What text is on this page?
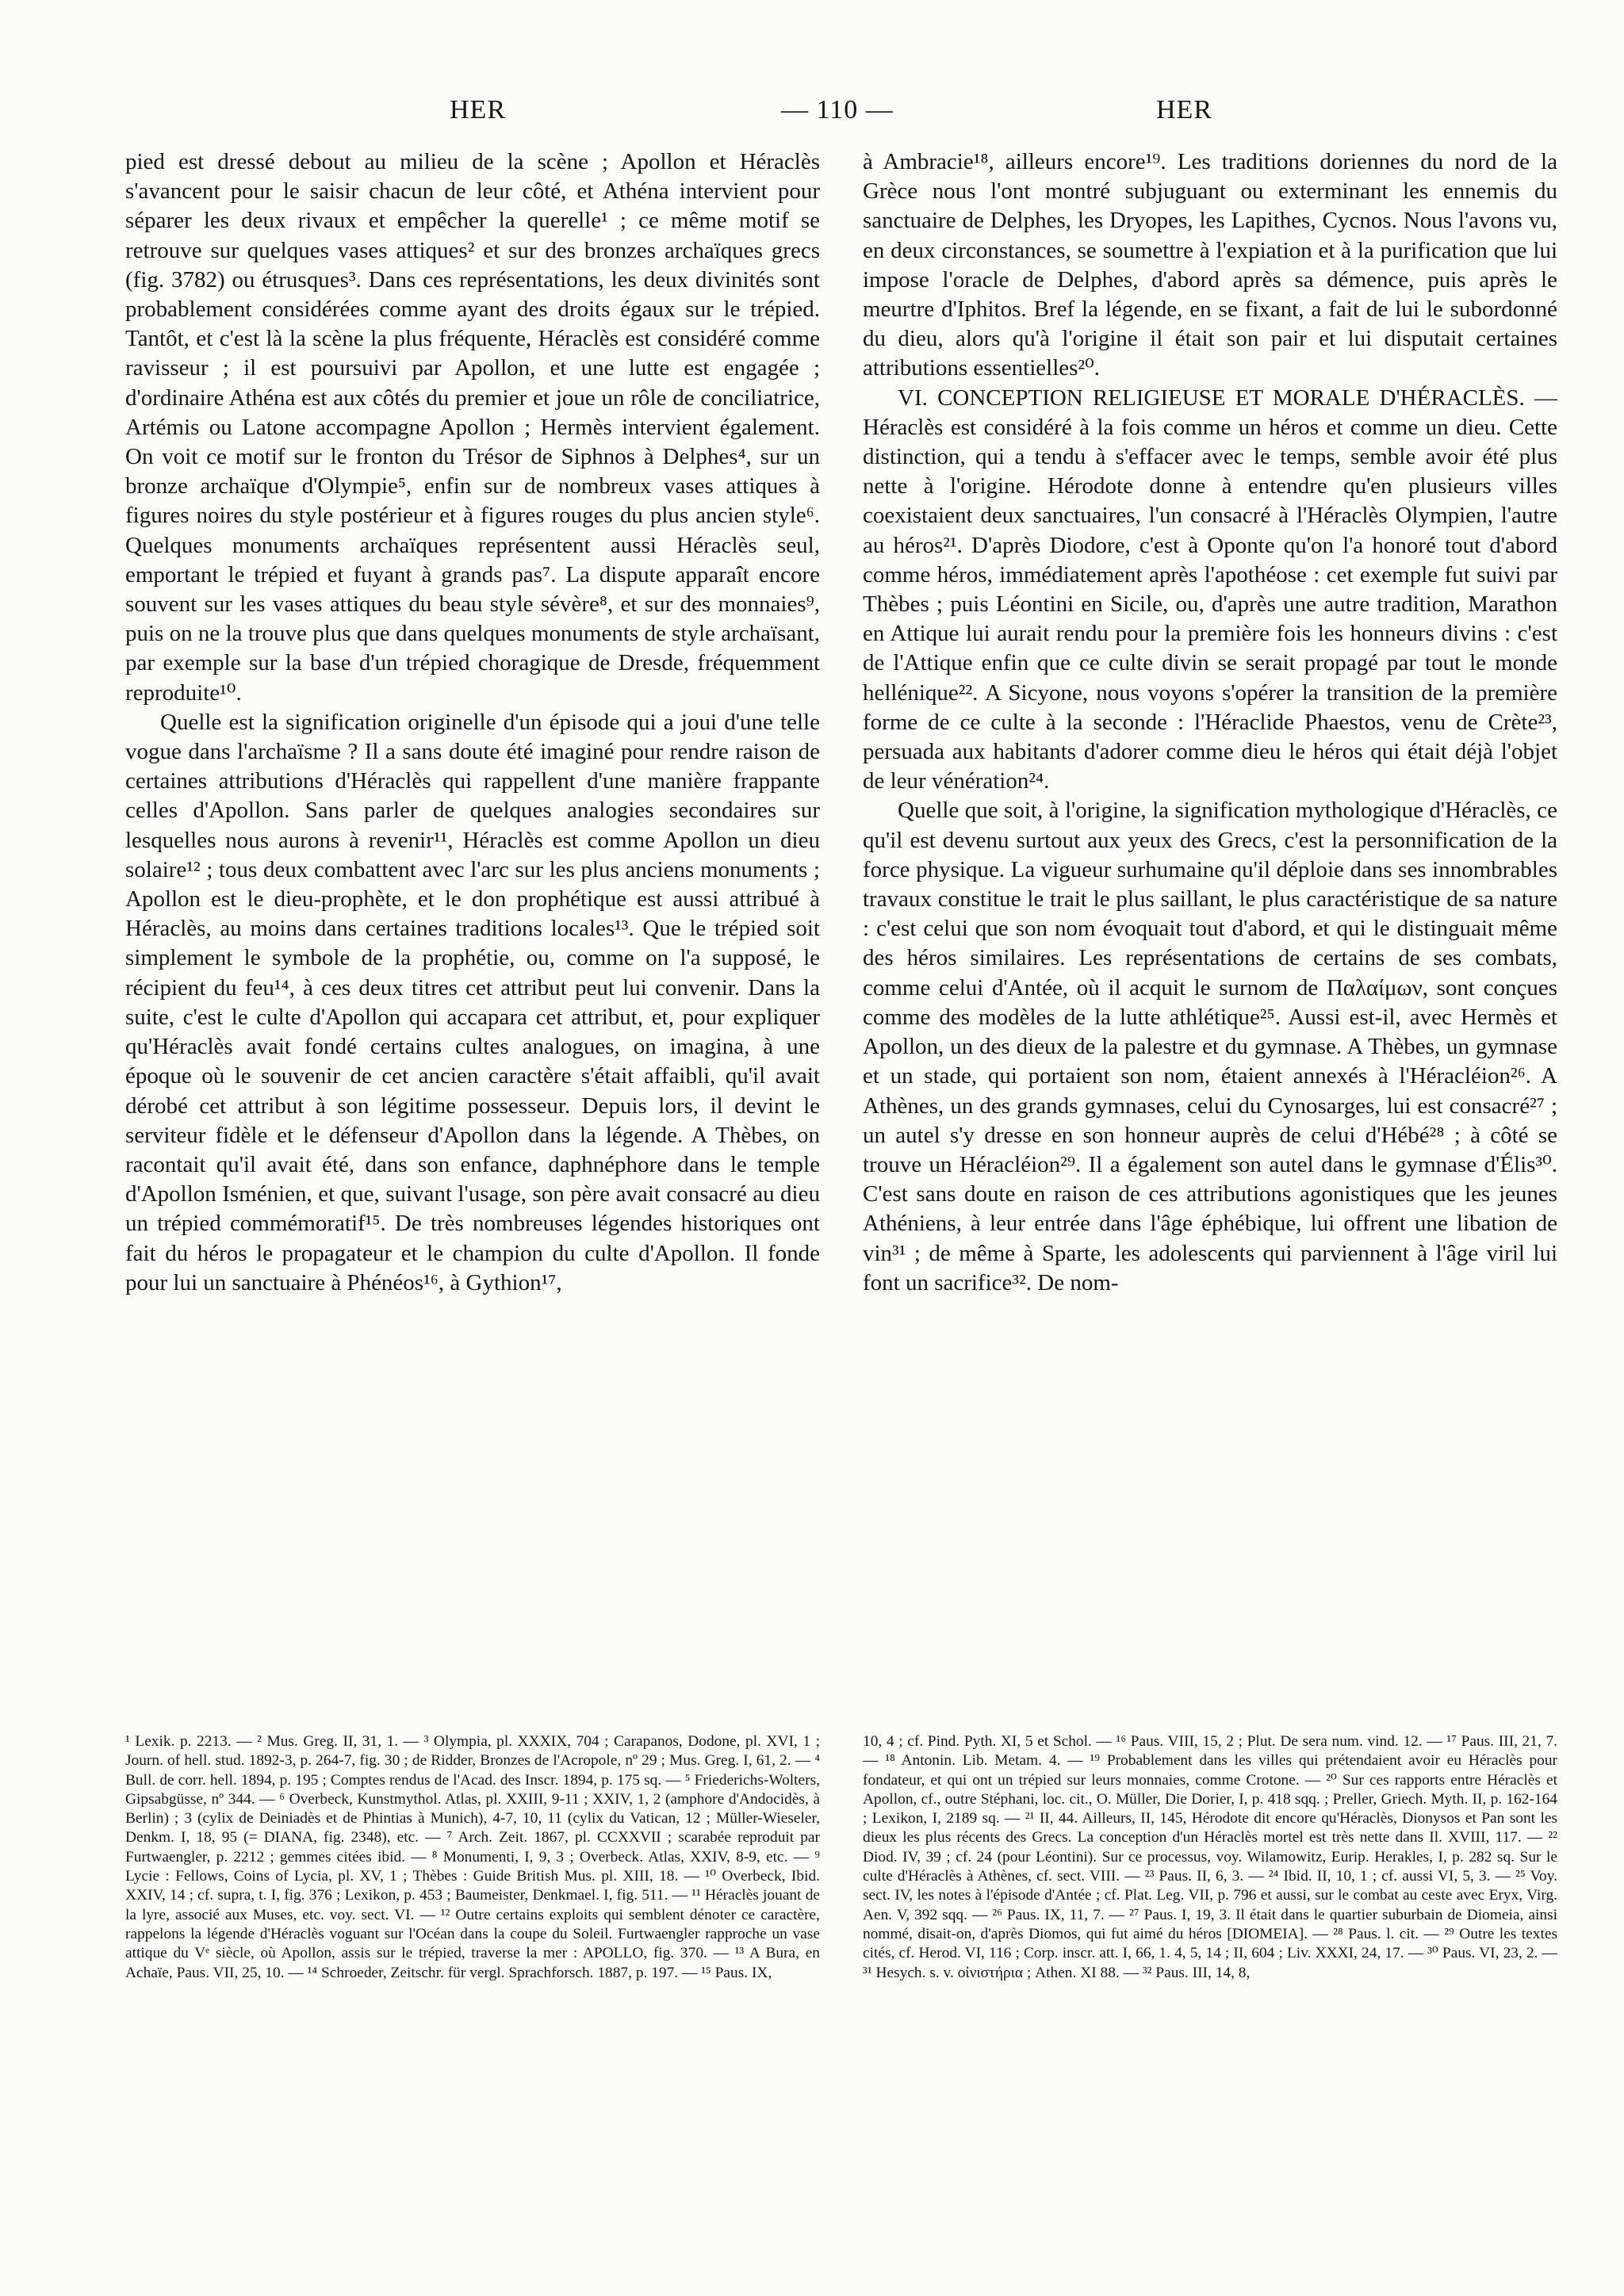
HER	— 110 —	HER

pied est dressé debout au milieu de la scène ; Apollon et Héraclès s'avancent pour le saisir chacun de leur côté, et Athéna intervient pour séparer les deux rivaux et empêcher la querelle¹ ; ce même motif se retrouve sur quelques vases attiques² et sur des bronzes archaïques grecs (fig. 3782) ou étrusques³. Dans ces représentations, les deux divinités sont probablement considérées comme ayant des droits égaux sur le trépied. Tantôt, et c'est là la scène la plus fréquente, Héraclès est considéré comme ravisseur ; il est poursuivi par Apollon, et une lutte est engagée ; d'ordinaire Athéna est aux côtés du premier et joue un rôle de conciliatrice, Artémis ou Latone accompagne Apollon ; Hermès intervient également. On voit ce motif sur le fronton du Trésor de Siphnos à Delphes⁴, sur un bronze archaïque d'Olympie⁵, enfin sur de nombreux vases attiques à figures noires du style postérieur et à figures rouges du plus ancien style⁶. Quelques monuments archaïques représentent aussi Héraclès seul, emportant le trépied et fuyant à grands pas⁷. La dispute apparaît encore souvent sur les vases attiques du beau style sévère⁸, et sur des monnaies⁹, puis on ne la trouve plus que dans quelques monuments de style archaïsant, par exemple sur la base d'un trépied choragique de Dresde, fréquemment reproduite¹⁰.

Quelle est la signification originelle d'un épisode qui a joui d'une telle vogue dans l'archaïsme ? Il a sans doute été imaginé pour rendre raison de certaines attributions d'Héraclès qui rappellent d'une manière frappante celles d'Apollon. Sans parler de quelques analogies secondaires sur lesquelles nous aurons à revenir¹¹, Héraclès est comme Apollon un dieu solaire¹² ; tous deux combattent avec l'arc sur les plus anciens monuments ; Apollon est le dieu-prophète, et le don prophétique est aussi attribué à Héraclès, au moins dans certaines traditions locales¹³. Que le trépied soit simplement le symbole de la prophétie, ou, comme on l'a supposé, le récipient du feu¹⁴, à ces deux titres cet attribut peut lui convenir. Dans la suite, c'est le culte d'Apollon qui accapara cet attribut, et, pour expliquer qu'Héraclès avait fondé certains cultes analogues, on imagina, à une époque où le souvenir de cet ancien caractère s'était affaibli, qu'il avait dérobé cet attribut à son légitime possesseur. Depuis lors, il devint le serviteur fidèle et le défenseur d'Apollon dans la légende. A Thèbes, on racontait qu'il avait été, dans son enfance, daphnéphore dans le temple d'Apollon Isménien, et que, suivant l'usage, son père avait consacré au dieu un trépied commémoratif¹⁵. De très nombreuses légendes historiques ont fait du héros le propagateur et le champion du culte d'Apollon. Il fonde pour lui un sanctuaire à Phénéos¹⁶, à Gythion¹⁷,

à Ambracie¹⁸, ailleurs encore¹⁹. Les traditions doriennes du nord de la Grèce nous l'ont montré subjuguant ou exterminant les ennemis du sanctuaire de Delphes, les Dryopes, les Lapithes, Cycnos. Nous l'avons vu, en deux circonstances, se soumettre à l'expiation et à la purification que lui impose l'oracle de Delphes, d'abord après sa démence, puis après le meurtre d'Iphitos. Bref la légende, en se fixant, a fait de lui le subordonné du dieu, alors qu'à l'origine il était son pair et lui disputait certaines attributions essentielles²⁰.

VI. CONCEPTION RELIGIEUSE ET MORALE D'HÉRACLÈS. — Héraclès est considéré à la fois comme un héros et comme un dieu. Cette distinction, qui a tendu à s'effacer avec le temps, semble avoir été plus nette à l'origine. Hérodote donne à entendre qu'en plusieurs villes coexistaient deux sanctuaires, l'un consacré à l'Héraclès Olympien, l'autre au héros²¹. D'après Diodore, c'est à Oponte qu'on l'a honoré tout d'abord comme héros, immédiatement après l'apothéose : cet exemple fut suivi par Thèbes ; puis Léontini en Sicile, ou, d'après une autre tradition, Marathon en Attique lui aurait rendu pour la première fois les honneurs divins : c'est de l'Attique enfin que ce culte divin se serait propagé par tout le monde hellénique²². A Sicyone, nous voyons s'opérer la transition de la première forme de ce culte à la seconde : l'Héraclide Phaestos, venu de Crète²³, persuada aux habitants d'adorer comme dieu le héros qui était déjà l'objet de leur vénération²⁴.

Quelle que soit, à l'origine, la signification mythologique d'Héraclès, ce qu'il est devenu surtout aux yeux des Grecs, c'est la personnification de la force physique. La vigueur surhumaine qu'il déploie dans ses innombrables travaux constitue le trait le plus saillant, le plus caractéristique de sa nature : c'est celui que son nom évoquait tout d'abord, et qui le distinguait même des héros similaires. Les représentations de certains de ses combats, comme celui d'Antée, où il acquit le surnom de Παλαίμων, sont conçues comme des modèles de la lutte athlétique²⁵. Aussi est-il, avec Hermès et Apollon, un des dieux de la palestre et du gymnase. A Thèbes, un gymnase et un stade, qui portaient son nom, étaient annexés à l'Héracléion²⁶. A Athènes, un des grands gymnases, celui du Cynosarges, lui est consacré²⁷ ; un autel s'y dresse en son honneur auprès de celui d'Hébé²⁸ ; à côté se trouve un Héracléion²⁹. Il a également son autel dans le gymnase d'Élis³⁰. C'est sans doute en raison de ces attributions agonistiques que les jeunes Athéniens, à leur entrée dans l'âge éphébique, lui offrent une libation de vin³¹ ; de même à Sparte, les adolescents qui parviennent à l'âge viril lui font un sacrifice³². De nom-

¹ Lexik. p. 2213. — ² Mus. Greg. II, 31, 1. — ³ Olympia, pl. XXXIX, 704 ; Carapanos, Dodone, pl. XVI, 1 ; Journ. of hell. stud. 1892-3, p. 264-7, fig. 30 ; de Ridder, Bronzes de l'Acropole, nº 29 ; Mus. Greg. I, 61, 2. — ⁴ Bull. de corr. hell. 1894, p. 195 ; Comptes rendus de l'Acad. des Inscr. 1894, p. 175 sq. — ⁵ Friederichs-Wolters, Gipsabgüsse, nº 344. — ⁶ Overbeck, Kunstmythol. Atlas, pl. XXIII, 9-11 ; XXIV, 1, 2 (amphore d'Andocidès, à Berlin) ; 3 (cylix de Deiniadès et de Phintias à Munich), 4-7, 10, 11 (cylix du Vatican, 12 ; Müller-Wieseler, Denkm. I, 18, 95 (= DIANA, fig. 2348), etc. — ⁷ Arch. Zeit. 1867, pl. CCXXVII ; scarabée reproduit par Furtwaengler, p. 2212 ; gemmes citées ibid. — ⁸ Monumenti, I, 9, 3 ; Overbeck. Atlas, XXIV, 8-9, etc. — ⁹ Lycie : Fellows, Coins of Lycia, pl. XV, 1 ; Thèbes : Guide British Mus. pl. XIII, 18. — ¹⁰ Overbeck, Ibid. XXIV, 14 ; cf. supra, t. I, fig. 376 ; Lexikon, p. 453 ; Baumeister, Denkmael. I, fig. 511. — ¹¹ Héraclès jouant de la lyre, associé aux Muses, etc. voy. sect. VI. — ¹² Outre certains exploits qui semblent dénoter ce caractère, rappelons la légende d'Héraclès voguant sur l'Océan dans la coupe du Soleil. Furtwaengler rapproche un vase attique du Vᵉ siècle, où Apollon, assis sur le trépied, traverse la mer : APOLLO, fig. 370. — ¹³ A Bura, en Achaïe, Paus. VII, 25, 10. — ¹⁴ Schroeder, Zeitschr. für vergl. Sprachforsch. 1887, p. 197. — ¹⁵ Paus. IX,

10, 4 ; cf. Pind. Pyth. XI, 5 et Schol. — ¹⁶ Paus. VIII, 15, 2 ; Plut. De sera num. vind. 12. — ¹⁷ Paus. III, 21, 7. — ¹⁸ Antonin. Lib. Metam. 4. — ¹⁹ Probablement dans les villes qui prétendaient avoir eu Héraclès pour fondateur, et qui ont un trépied sur leurs monnaies, comme Crotone. — ²⁰ Sur ces rapports entre Héraclès et Apollon, cf., outre Stéphani, loc. cit., O. Müller, Die Dorier, I, p. 418 sqq. ; Preller, Griech. Myth. II, p. 162-164 ; Lexikon, I, 2189 sq. — ²¹ II, 44. Ailleurs, II, 145, Hérodote dit encore qu'Héraclès, Dionysos et Pan sont les dieux les plus récents des Grecs. La conception d'un Héraclès mortel est très nette dans Il. XVIII, 117. — ²² Diod. IV, 39 ; cf. 24 (pour Léontini). Sur ce processus, voy. Wilamowitz, Eurip. Herakles, I, p. 282 sq. Sur le culte d'Héraclès à Athènes, cf. sect. VIII. — ²³ Paus. II, 6, 3. — ²⁴ Ibid. II, 10, 1 ; cf. aussi VI, 5, 3. — ²⁵ Voy. sect. IV, les notes à l'épisode d'Antée ; cf. Plat. Leg. VII, p. 796 et aussi, sur le combat au ceste avec Eryx, Virg. Aen. V, 392 sqq. — ²⁶ Paus. IX, 11, 7. — ²⁷ Paus. I, 19, 3. Il était dans le quartier suburbain de Diomeia, ainsi nommé, disait-on, d'après Diomos, qui fut aimé du héros [DIOMEIA]. — ²⁸ Paus. l. cit. — ²⁹ Outre les textes cités, cf. Herod. VI, 116 ; Corp. inscr. att. I, 66, 1. 4, 5, 14 ; II, 604 ; Liv. XXXI, 24, 17. — ³⁰ Paus. VI, 23, 2. — ³¹ Hesych. s. v. οἰνιστήρια ; Athen. XI 88. — ³² Paus. III, 14, 8,
